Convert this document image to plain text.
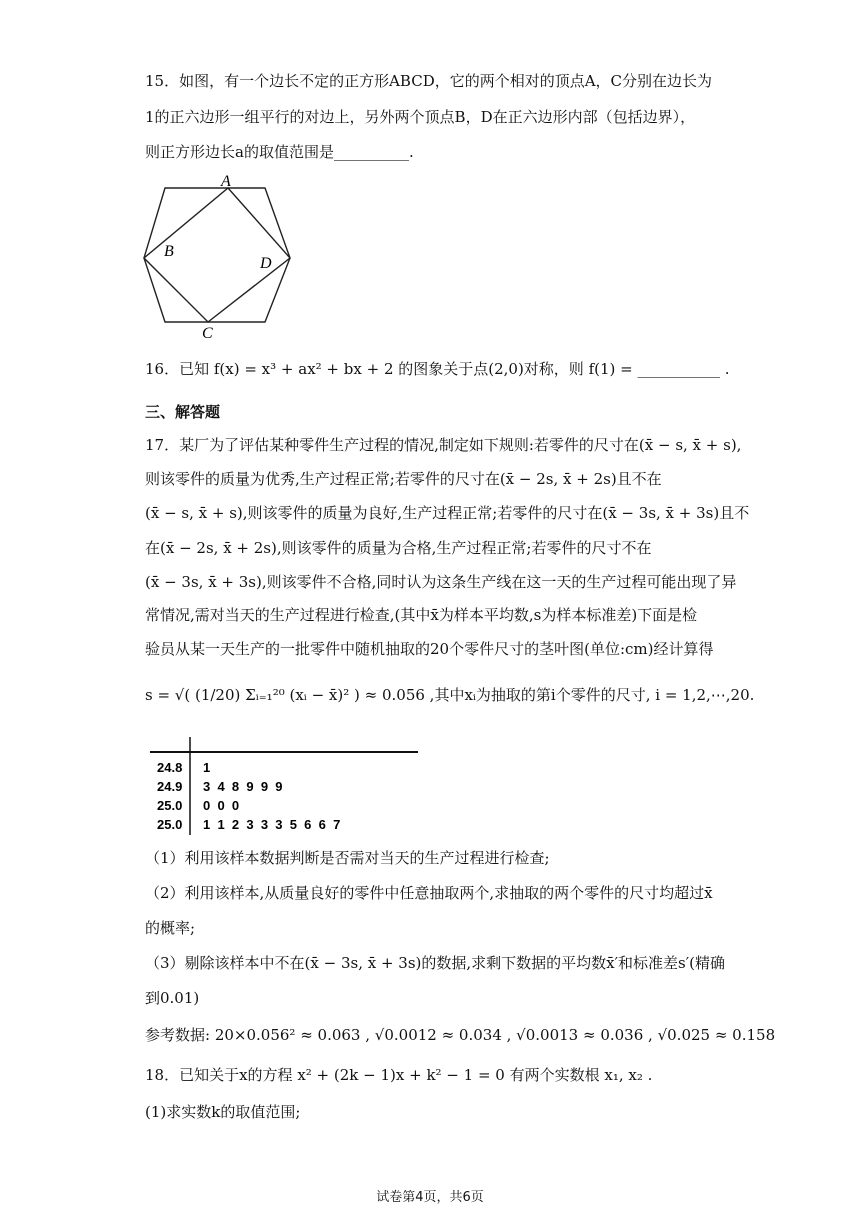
15．如图，有一个边长不定的正方形ABCD，它的两个相对的顶点A，C分别在边长为
1的正六边形一组平行的对边上，另外两个顶点B，D在正六边形内部（包括边界），
则正方形边长a的取值范围是__________.
A
B
D
C
16．已知 f(x) = x³ + ax² + bx + 2 的图象关于点(2,0)对称，则 f(1) = ___________ .
三、解答题
17．某厂为了评估某种零件生产过程的情况,制定如下规则:若零件的尺寸在(x̄ − s, x̄ + s),
则该零件的质量为优秀,生产过程正常;若零件的尺寸在(x̄ − 2s, x̄ + 2s)且不在
(x̄ − s, x̄ + s),则该零件的质量为良好,生产过程正常;若零件的尺寸在(x̄ − 3s, x̄ + 3s)且不
在(x̄ − 2s, x̄ + 2s),则该零件的质量为合格,生产过程正常;若零件的尺寸不在
(x̄ − 3s, x̄ + 3s),则该零件不合格,同时认为这条生产线在这一天的生产过程可能出现了异
常情况,需对当天的生产过程进行检查,(其中x̄为样本平均数,s为样本标准差)下面是检
验员从某一天生产的一批零件中随机抽取的20个零件尺寸的茎叶图(单位:cm)经计算得
s = √( (1/20) Σᵢ₌₁²⁰ (xᵢ − x̄)² ) ≈ 0.056 ,其中xᵢ为抽取的第i个零件的尺寸, i = 1,2,⋯,20.
24.8 1
24.9 3  4  8  9  9  9
25.0 0  0  0
25.0 1  1  2  3  3  3  5  6  6  7
（1）利用该样本数据判断是否需对当天的生产过程进行检查;
（2）利用该样本,从质量良好的零件中任意抽取两个,求抽取的两个零件的尺寸均超过x̄
的概率;
（3）剔除该样本中不在(x̄ − 3s, x̄ + 3s)的数据,求剩下数据的平均数x̄′和标准差s′(精确
到0.01)
参考数据: 20×0.056² ≈ 0.063 , √0.0012 ≈ 0.034 , √0.0013 ≈ 0.036 , √0.025 ≈ 0.158
18．已知关于x的方程 x² + (2k − 1)x + k² − 1 = 0 有两个实数根 x₁, x₂ .
(1)求实数k的取值范围;
试卷第4页，共6页
